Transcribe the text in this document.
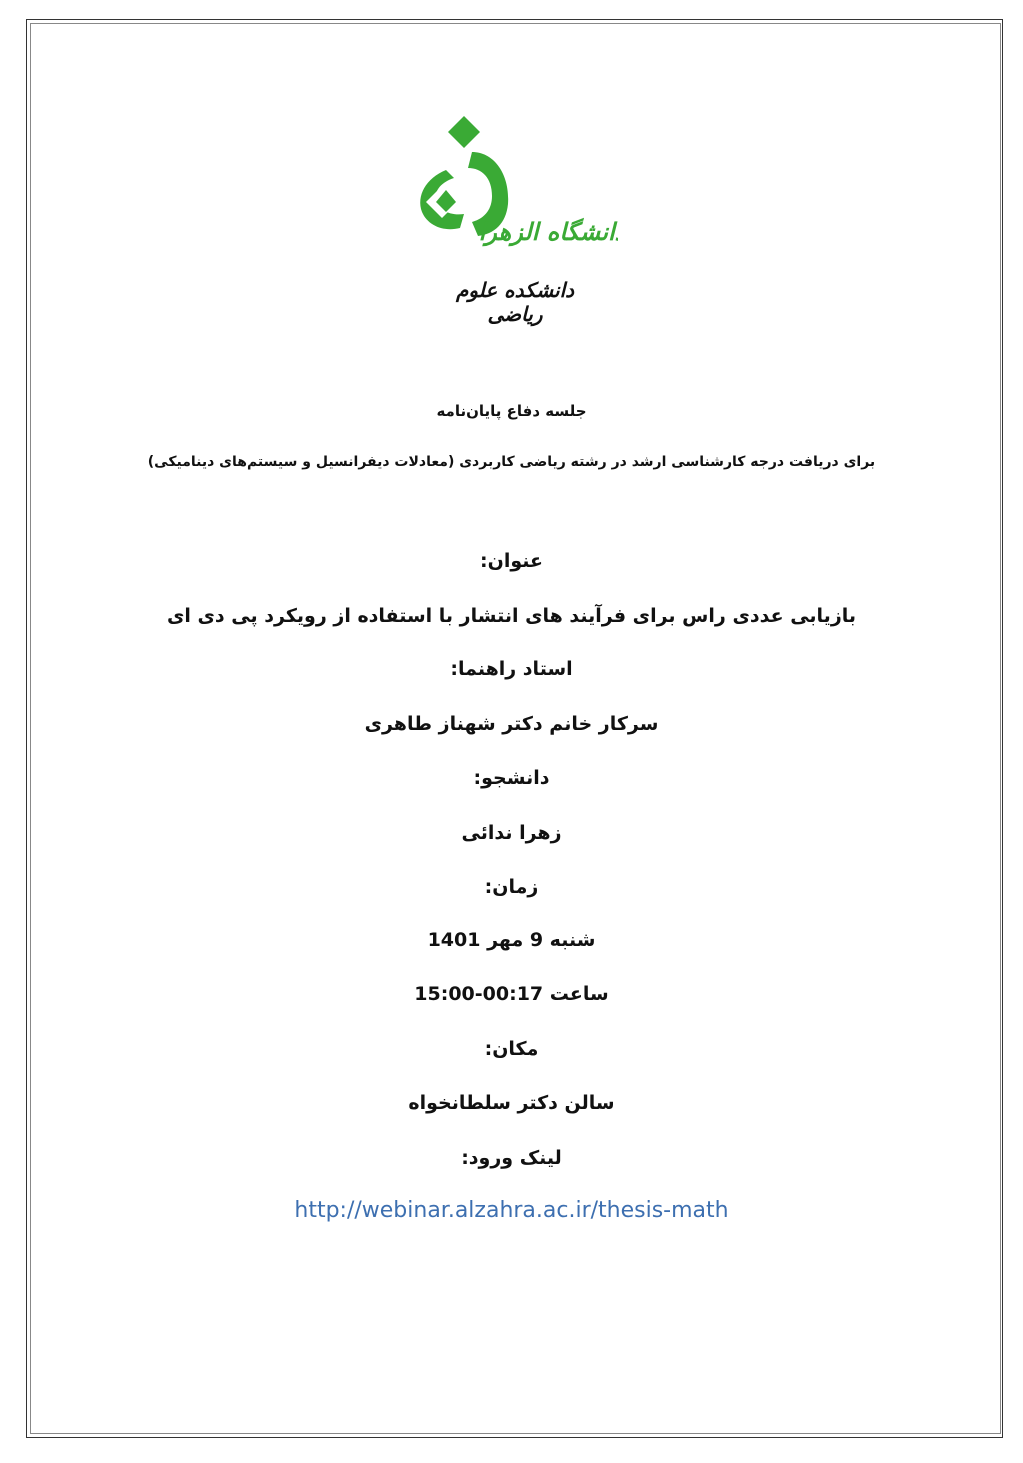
دانشگاه الزهرا
دانشکده علوم ریاضی
جلسه دفاع پایان‌نامه
برای دریافت درجه کارشناسی ارشد در رشته ریاضی کاربردی (معادلات دیفرانسیل و سیستم‌های دینامیکی)
عنوان:
بازیابی عددی راس برای فرآیند های انتشار با استفاده از رویکرد پی دی ای
استاد راهنما:
سرکار خانم دکتر شهناز طاهری
دانشجو:
زهرا ندائی
زمان:
شنبه 9 مهر 1401
ساعت 00:17-15:00
مکان:
سالن دکتر سلطانخواه
لینک ورود:
http://webinar.alzahra.ac.ir/thesis-math
